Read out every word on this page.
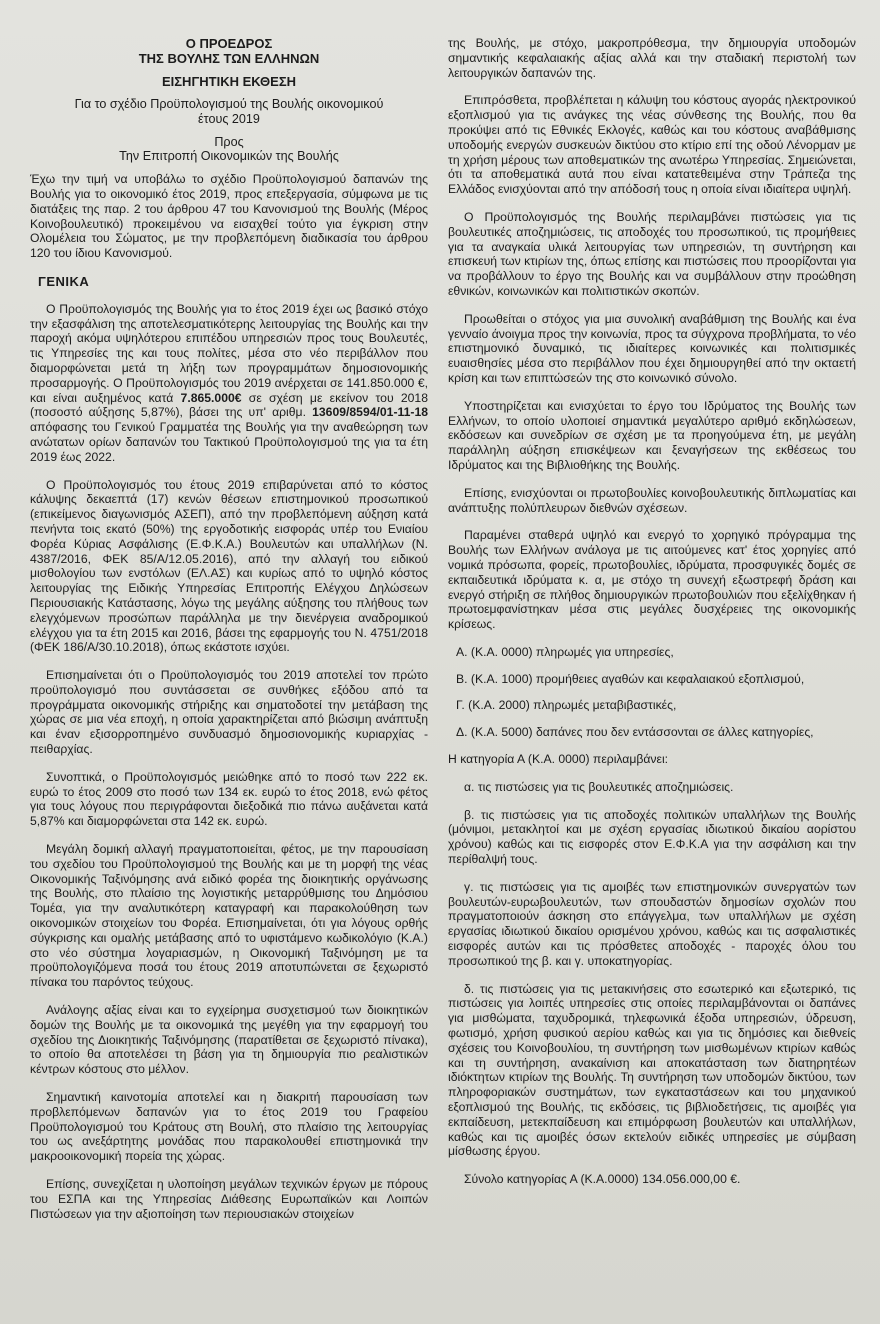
Ο ΠΡΟΕΔΡΟΣ
ΤΗΣ ΒΟΥΛΗΣ ΤΩΝ ΕΛΛΗΝΩΝ
ΕΙΣΗΓΗΤΙΚΗ ΕΚΘΕΣΗ
Για το σχέδιο Προϋπολογισμού της Βουλής οικονομικού
έτους 2019
Προς
Την Επιτροπή Οικονομικών της Βουλής

Έχω την τιμή να υποβάλω το σχέδιο Προϋπολογισμού δαπανών της Βουλής για το οικονομικό έτος 2019, προς επεξεργασία, σύμφωνα με τις διατάξεις της παρ. 2 του άρθρου 47 του Κανονισμού της Βουλής (Μέρος Κοινοβουλευτικό) προκειμένου να εισαχθεί τούτο για έγκριση στην Ολομέλεια του Σώματος, με την προβλεπόμενη διαδικασία του άρθρου 120 του ίδιου Κανονισμού.

ΓΕΝΙΚΑ

Ο Προϋπολογισμός της Βουλής για το έτος 2019 έχει ως βασικό στόχο την εξασφάλιση της αποτελεσματικότερης λειτουργίας της Βουλής και την παροχή ακόμα υψηλότερου επιπέδου υπηρεσιών προς τους Βουλευτές, τις Υπηρεσίες της και τους πολίτες, μέσα στο νέο περιβάλλον που διαμορφώνεται μετά τη λήξη των προγραμμάτων δημοσιονομικής προσαρμογής. Ο Προϋπολογισμός του 2019 ανέρχεται σε 141.850.000 €, και είναι αυξημένος κατά 7.865.000€ σε σχέση με εκείνον του 2018 (ποσοστό αύξησης 5,87%), βάσει της υπ' αριθμ. 13609/8594/01-11-18 απόφασης του Γενικού Γραμματέα της Βουλής για την αναθεώρηση των ανώτατων ορίων δαπανών του Τακτικού Προϋπολογισμού της για τα έτη 2019 έως 2022.

Ο Προϋπολογισμός του έτους 2019 επιβαρύνεται από το κόστος κάλυψης δεκαεπτά (17) κενών θέσεων επιστημονικού προσωπικού (επικείμενος διαγωνισμός ΑΣΕΠ), από την προβλεπόμενη αύξηση κατά πενήντα τοις εκατό (50%) της εργοδοτικής εισφοράς υπέρ του Ενιαίου Φορέα Κύριας Ασφάλισης (Ε.Φ.Κ.Α.) Βουλευτών και υπαλλήλων (Ν. 4387/2016, ΦΕΚ 85/Α/12.05.2016), από την αλλαγή του ειδικού μισθολογίου των ενστόλων (ΕΛ.ΑΣ) και κυρίως από το υψηλό κόστος λειτουργίας της Ειδικής Υπηρεσίας Επιτροπής Ελέγχου Δηλώσεων Περιουσιακής Κατάστασης, λόγω της μεγάλης αύξησης του πλήθους των ελεγχόμενων προσώπων παράλληλα με την διενέργεια αναδρομικού ελέγχου για τα έτη 2015 και 2016, βάσει της εφαρμογής του Ν. 4751/2018 (ΦΕΚ 186/Α/30.10.2018), όπως εκάστοτε ισχύει.

Επισημαίνεται ότι ο Προϋπολογισμός του 2019 αποτελεί τον πρώτο προϋπολογισμό που συντάσσεται σε συνθήκες εξόδου από τα προγράμματα οικονομικής στήριξης και σηματοδοτεί την μετάβαση της χώρας σε μια νέα εποχή, η οποία χαρακτηρίζεται από βιώσιμη ανάπτυξη και έναν εξισορροπημένο συνδυασμό δημοσιονομικής κυριαρχίας - πειθαρχίας.

Συνοπτικά, ο Προϋπολογισμός μειώθηκε από το ποσό των 222 εκ. ευρώ το έτος 2009 στο ποσό των 134 εκ. ευρώ το έτος 2018, ενώ φέτος για τους λόγους που περιγράφονται διεξοδικά πιο πάνω αυξάνεται κατά 5,87% και διαμορφώνεται στα 142 εκ. ευρώ.

Μεγάλη δομική αλλαγή πραγματοποιείται, φέτος, με την παρουσίαση του σχεδίου του Προϋπολογισμού της Βουλής και με τη μορφή της νέας Οικονομικής Ταξινόμησης ανά ειδικό φορέα της διοικητικής οργάνωσης της Βουλής, στο πλαίσιο της λογιστικής μεταρρύθμισης του Δημόσιου Τομέα, για την αναλυτικότερη καταγραφή και παρακολούθηση των οικονομικών στοιχείων του Φορέα. Επισημαίνεται, ότι για λόγους ορθής σύγκρισης και ομαλής μετάβασης από το υφιστάμενο κωδικολόγιο (Κ.Α.) στο νέο σύστημα λογαριασμών, η Οικονομική Ταξινόμηση με τα προϋπολογιζόμενα ποσά του έτους 2019 αποτυπώνεται σε ξεχωριστό πίνακα του παρόντος τεύχους.

Ανάλογης αξίας είναι και το εγχείρημα συσχετισμού των διοικητικών δομών της Βουλής με τα οικονομικά της μεγέθη για την εφαρμογή του σχεδίου της Διοικητικής Ταξινόμησης (παρατίθεται σε ξεχωριστό πίνακα), το οποίο θα αποτελέσει τη βάση για τη δημιουργία πιο ρεαλιστικών κέντρων κόστους στο μέλλον.

Σημαντική καινοτομία αποτελεί και η διακριτή παρουσίαση των προβλεπόμενων δαπανών για το έτος 2019 του Γραφείου Προϋπολογισμού του Κράτους στη Βουλή, στο πλαίσιο της λειτουργίας του ως ανεξάρτητης μονάδας που παρακολουθεί επιστημονικά την μακροοικονομική πορεία της χώρας.

Επίσης, συνεχίζεται η υλοποίηση μεγάλων τεχνικών έργων με πόρους του ΕΣΠΑ και της Υπηρεσίας Διάθεσης Ευρωπαϊκών και Λοιπών Πιστώσεων για την αξιοποίηση των περιουσιακών στοιχείων

της Βουλής, με στόχο, μακροπρόθεσμα, την δημιουργία υποδομών σημαντικής κεφαλαιακής αξίας αλλά και την σταδιακή περιστολή των λειτουργικών δαπανών της.

Επιπρόσθετα, προβλέπεται η κάλυψη του κόστους αγοράς ηλεκτρονικού εξοπλισμού για τις ανάγκες της νέας σύνθεσης της Βουλής, που θα προκύψει από τις Εθνικές Εκλογές, καθώς και του κόστους αναβάθμισης υποδομής ενεργών συσκευών δικτύου στο κτίριο επί της οδού Λένορμαν με τη χρήση μέρους των αποθεματικών της ανωτέρω Υπηρεσίας. Σημειώνεται, ότι τα αποθεματικά αυτά που είναι κατατεθειμένα στην Τράπεζα της Ελλάδος ενισχύονται από την απόδοσή τους η οποία είναι ιδιαίτερα υψηλή.

Ο Προϋπολογισμός της Βουλής περιλαμβάνει πιστώσεις για τις βουλευτικές αποζημιώσεις, τις αποδοχές του προσωπικού, τις προμήθειες για τα αναγκαία υλικά λειτουργίας των υπηρεσιών, τη συντήρηση και επισκευή των κτιρίων της, όπως επίσης και πιστώσεις που προορίζονται για να προβάλλουν το έργο της Βουλής και να συμβάλλουν στην προώθηση εθνικών, κοινωνικών και πολιτιστικών σκοπών.

Προωθείται ο στόχος για μια συνολική αναβάθμιση της Βουλής και ένα γενναίο άνοιγμα προς την κοινωνία, προς τα σύγχρονα προβλήματα, το νέο επιστημονικό δυναμικό, τις ιδιαίτερες κοινωνικές και πολιτισμικές ευαισθησίες μέσα στο περιβάλλον που έχει δημιουργηθεί από την οκταετή κρίση και των επιπτώσεών της στο κοινωνικό σύνολο.

Υποστηρίζεται και ενισχύεται το έργο του Ιδρύματος της Βουλής των Ελλήνων, το οποίο υλοποιεί σημαντικά μεγαλύτερο αριθμό εκδηλώσεων, εκδόσεων και συνεδρίων σε σχέση με τα προηγούμενα έτη, με μεγάλη παράλληλη αύξηση επισκέψεων και ξεναγήσεων της εκθέσεως του Ιδρύματος και της Βιβλιοθήκης της Βουλής.

Επίσης, ενισχύονται οι πρωτοβουλίες κοινοβουλευτικής διπλωματίας και ανάπτυξης πολύπλευρων διεθνών σχέσεων.

Παραμένει σταθερά υψηλό και ενεργό το χορηγικό πρόγραμμα της Βουλής των Ελλήνων ανάλογα με τις αιτούμενες κατ' έτος χορηγίες από νομικά πρόσωπα, φορείς, πρωτοβουλίες, ιδρύματα, προσφυγικές δομές σε εκπαιδευτικά ιδρύματα κ. α, με στόχο τη συνεχή εξωστρεφή δράση και ενεργό στήριξη σε πλήθος δημιουργικών πρωτοβουλιών που εξελίχθηκαν ή πρωτοεμφανίστηκαν μέσα στις μεγάλες δυσχέρειες της οικονομικής κρίσεως.

Α. (Κ.Α. 0000) πληρωμές για υπηρεσίες,

Β. (Κ.Α. 1000) προμήθειες αγαθών και κεφαλαιακού εξοπλισμού,

Γ. (Κ.Α. 2000) πληρωμές μεταβιβαστικές,

Δ. (Κ.Α. 5000) δαπάνες που δεν εντάσσονται σε άλλες κατηγορίες,

Η κατηγορία Α (Κ.Α. 0000) περιλαμβάνει:

α. τις πιστώσεις για τις βουλευτικές αποζημιώσεις.

β. τις πιστώσεις για τις αποδοχές πολιτικών υπαλλήλων της Βουλής (μόνιμοι, μετακλητοί και με σχέση εργασίας ιδιωτικού δικαίου αορίστου χρόνου) καθώς και τις εισφορές στον Ε.Φ.Κ.Α για την ασφάλιση και την περίθαλψή τους.

γ. τις πιστώσεις για τις αμοιβές των επιστημονικών συνεργατών των βουλευτών-ευρωβουλευτών, των σπουδαστών δημοσίων σχολών που πραγματοποιούν άσκηση στο επάγγελμα, των υπαλλήλων με σχέση εργασίας ιδιωτικού δικαίου ορισμένου χρόνου, καθώς και τις ασφαλιστικές εισφορές αυτών και τις πρόσθετες αποδοχές - παροχές όλου του προσωπικού της β. και γ. υποκατηγορίας.

δ. τις πιστώσεις για τις μετακινήσεις στο εσωτερικό και εξωτερικό, τις πιστώσεις για λοιπές υπηρεσίες στις οποίες περιλαμβάνονται οι δαπάνες για μισθώματα, ταχυδρομικά, τηλεφωνικά έξοδα υπηρεσιών, ύδρευση, φωτισμό, χρήση φυσικού αερίου καθώς και για τις δημόσιες και διεθνείς σχέσεις του Κοινοβουλίου, τη συντήρηση των μισθωμένων κτιρίων καθώς και τη συντήρηση, ανακαίνιση και αποκατάσταση των διατηρητέων ιδιόκτητων κτιρίων της Βουλής. Τη συντήρηση των υποδομών δικτύου, των πληροφοριακών συστημάτων, των εγκαταστάσεων και του μηχανικού εξοπλισμού της Βουλής, τις εκδόσεις, τις βιβλιοδετήσεις, τις αμοιβές για εκπαίδευση, μετεκπαίδευση και επιμόρφωση βουλευτών και υπαλλήλων, καθώς και τις αμοιβές όσων εκτελούν ειδικές υπηρεσίες με σύμβαση μίσθωσης έργου.

Σύνολο κατηγορίας Α (Κ.Α.0000) 134.056.000,00 €.
